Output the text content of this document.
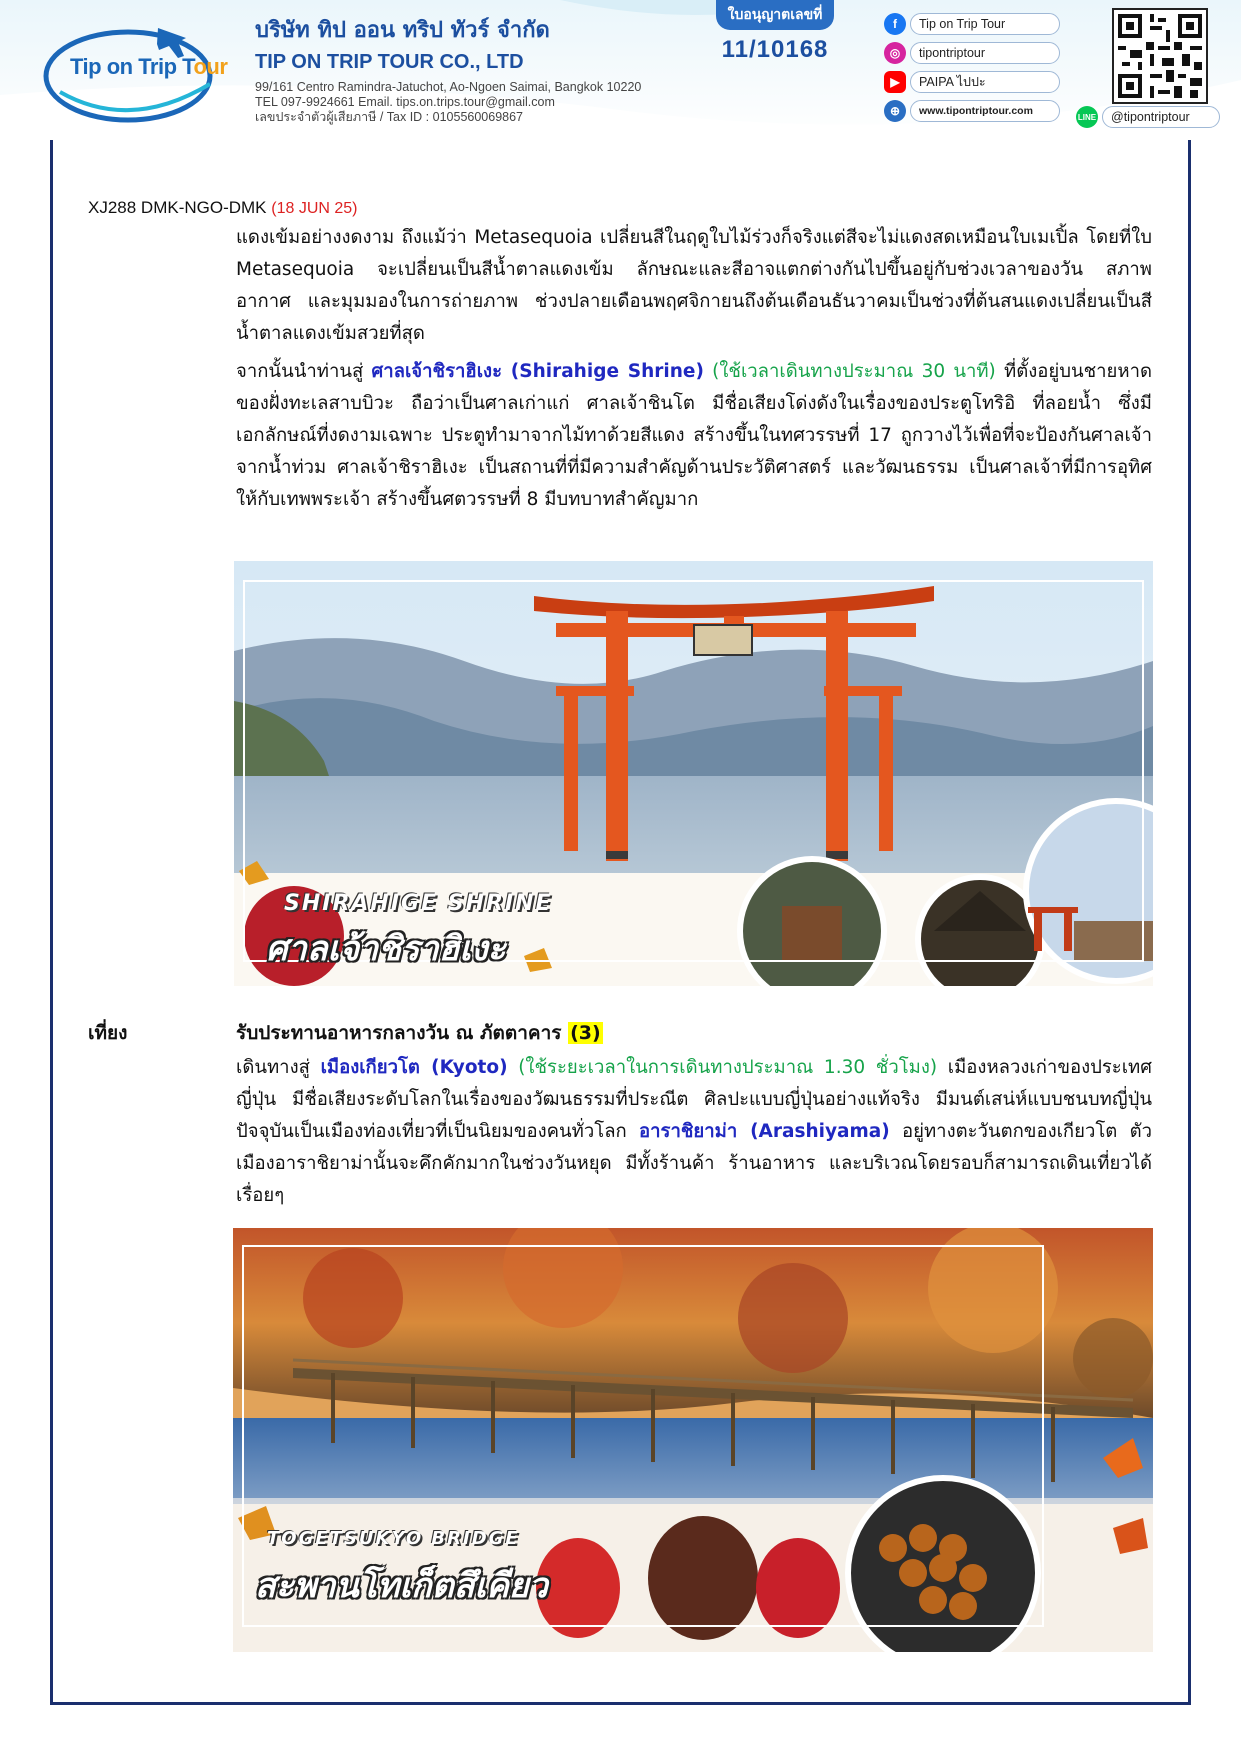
Tip on Trip Tour
บริษัท ทิป ออน ทริป ทัวร์ จำกัด
TIP ON TRIP TOUR CO., LTD
99/161 Centro Ramindra-Jatuchot, Ao-Ngoen Saimai, Bangkok 10220
TEL 097-9924661 Email. tips.on.trips.tour@gmail.com
เลขประจำตัวผู้เสียภาษี / Tax ID : 0105560069867
ใบอนุญาตเลขที่
11/10168
f	Tip on Trip Tour
◎	tipontriptour
▶	PAIPA ไปปะ
⊕	www.tipontriptour.com	LINE	@tipontriptour
XJ288 DMK-NGO-DMK (18 JUN 25)
แดงเข้มอย่างงดงาม ถึงแม้ว่า Metasequoia เปลี่ยนสีในฤดูใบไม้ร่วงก็จริงแต่สีจะไม่แดงสดเหมือนใบเมเปิ้ล โดยที่ใบ Metasequoia จะเปลี่ยนเป็นสีน้ำตาลแดงเข้ม ลักษณะและสีอาจแตกต่างกันไปขึ้นอยู่กับช่วงเวลาของวัน สภาพอากาศ และมุมมองในการถ่ายภาพ ช่วงปลายเดือนพฤศจิกายนถึงต้นเดือนธันวาคมเป็นช่วงที่ต้นสนแดงเปลี่ยนเป็นสีน้ำตาลแดงเข้มสวยที่สุด
จากนั้นนำท่านสู่ ศาลเจ้าชิราฮิเงะ (Shirahige Shrine) (ใช้เวลาเดินทางประมาณ 30 นาที) ที่ตั้งอยู่บนชายหาดของฝั่งทะเลสาบบิวะ ถือว่าเป็นศาลเก่าแก่ ศาลเจ้าชินโต มีชื่อเสียงโด่งดังในเรื่องของประตูโทริอิ ที่ลอยน้ำ ซึ่งมีเอกลักษณ์ที่งดงามเฉพาะ ประตูทำมาจากไม้ทาด้วยสีแดง สร้างขึ้นในทศวรรษที่ 17 ถูกวางไว้เพื่อที่จะป้องกันศาลเจ้าจากน้ำท่วม ศาลเจ้าชิราฮิเงะ เป็นสถานที่ที่มีความสำคัญด้านประวัติศาสตร์ และวัฒนธรรม เป็นศาลเจ้าที่มีการอุทิศให้กับเทพพระเจ้า สร้างขึ้นศตวรรษที่ 8 มีบทบาทสำคัญมาก
SHIRAHIGE SHRINE
ศาลเจ้าชิราฮิเงะ
เที่ยง	รับประทานอาหารกลางวัน ณ ภัตตาคาร (3)
เดินทางสู่ เมืองเกียวโต (Kyoto) (ใช้ระยะเวลาในการเดินทางประมาณ 1.30 ชั่วโมง) เมืองหลวงเก่าของประเทศญี่ปุ่น มีชื่อเสียงระดับโลกในเรื่องของวัฒนธรรมที่ประณีต ศิลปะแบบญี่ปุ่นอย่างแท้จริง มีมนต์เสน่ห์แบบชนบทญี่ปุ่น ปัจจุบันเป็นเมืองท่องเที่ยวที่เป็นนิยมของคนทั่วโลก อาราชิยาม่า (Arashiyama) อยู่ทางตะวันตกของเกียวโต ตัวเมืองอาราชิยาม่านั้นจะคึกคักมากในช่วงวันหยุด มีทั้งร้านค้า ร้านอาหาร และบริเวณโดยรอบก็สามารถเดินเที่ยวได้เรื่อยๆ
TOGETSUKYO BRIDGE
สะพานโทเก็ตสึเคียว
